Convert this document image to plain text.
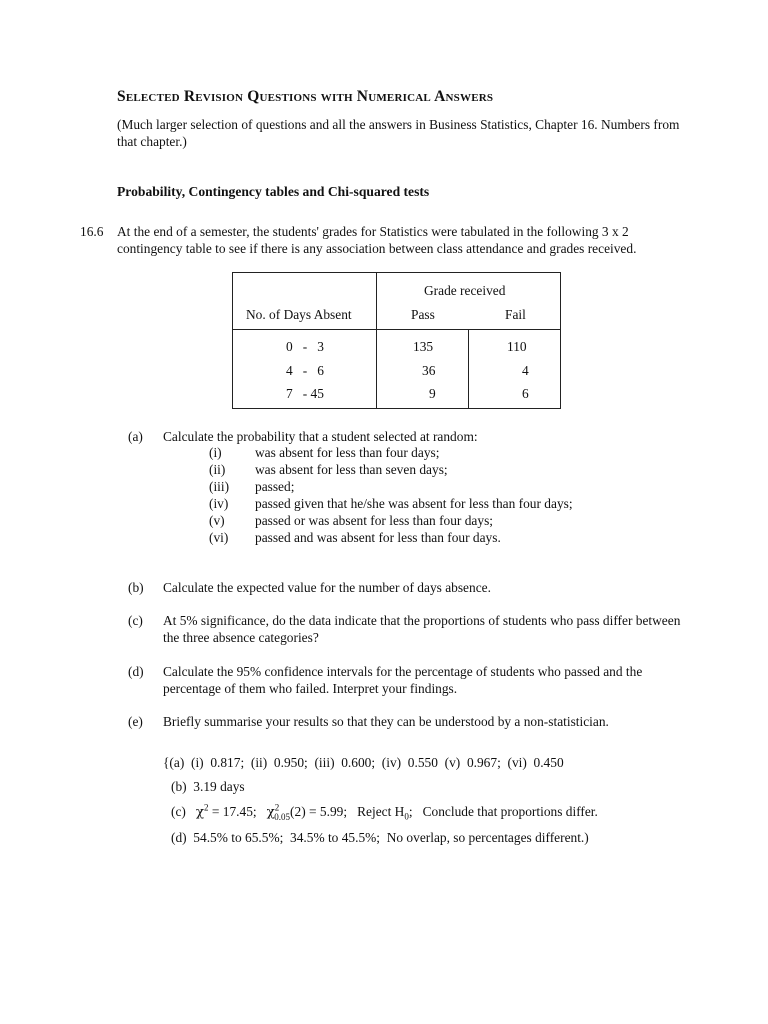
Selected Revision Questions with Numerical Answers
(Much larger selection of questions and all the answers in Business Statistics, Chapter 16. Numbers from that chapter.)
Probability, Contingency tables and Chi-squared tests
16.6 At the end of a semester, the students' grades for Statistics were tabulated in the following 3 x 2 contingency table to see if there is any association between class attendance and grades received.
Grade received
No. of Days Absent	Pass	Fail
0   -   3	135	110
4   -   6	36	4
7   - 45	9	6
(a) Calculate the probability that a student selected at random:
(i) was absent for less than four days;
(ii) was absent for less than seven days;
(iii) passed;
(iv) passed given that he/she was absent for less than four days;
(v) passed or was absent for less than four days;
(vi) passed and was absent for less than four days.
(b) Calculate the expected value for the number of days absence.
(c) At 5% significance, do the data indicate that the proportions of students who pass differ between the three absence categories?
(d) Calculate the 95% confidence intervals for the percentage of students who passed and the percentage of them who failed. Interpret your findings.
(e) Briefly summarise your results so that they can be understood by a non-statistician.
{(a)  (i)  0.817;  (ii)  0.950;  (iii)  0.600;  (iv)  0.550  (v)  0.967;  (vi)  0.450
(b)  3.19 days
(c)   $\chi^2 = 17.45$;   $\chi^2_{0.05}(2) = 5.99$;   Reject $H_0$;   Conclude that proportions differ.
(d)  54.5% to 65.5%;  34.5% to 45.5%;  No overlap, so percentages different.)
